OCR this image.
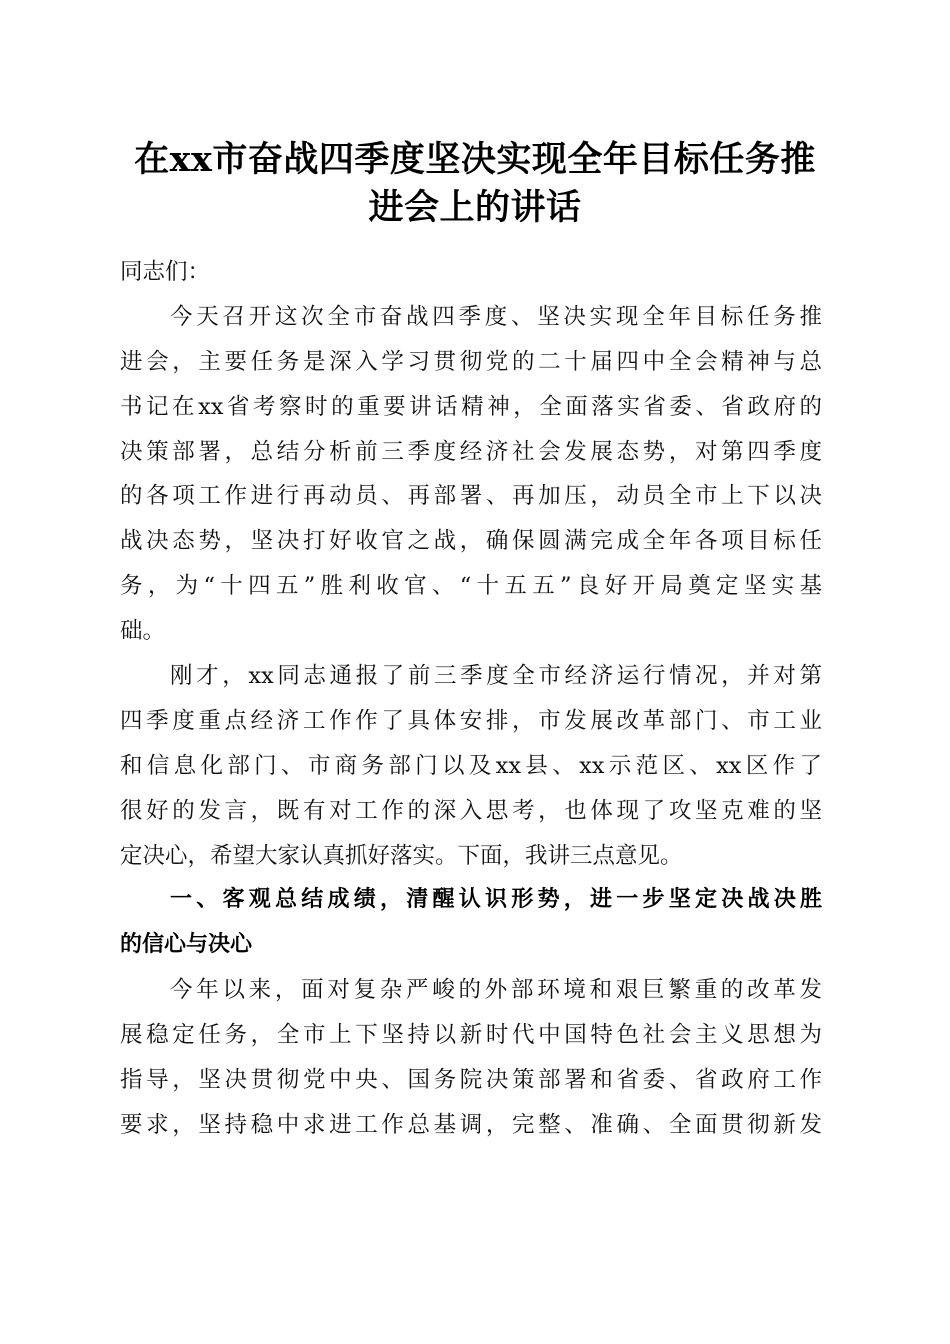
在xx市奋战四季度坚决实现全年目标任务推
进会上的讲话
同志们：
今天召开这次全市奋战四季度、坚决实现全年目标任务推
进会，主要任务是深入学习贯彻党的二十届四中全会精神与总
书记在xx省考察时的重要讲话精神，全面落实省委、省政府的
决策部署，总结分析前三季度经济社会发展态势，对第四季度
的各项工作进行再动员、再部署、再加压，动员全市上下以决
战决态势，坚决打好收官之战，确保圆满完成全年各项目标任
务，为“十四五”胜利收官、“十五五”良好开局奠定坚实基
础。
刚才，xx同志通报了前三季度全市经济运行情况，并对第
四季度重点经济工作作了具体安排，市发展改革部门、市工业
和信息化部门、市商务部门以及xx县、xx示范区、xx区作了
很好的发言，既有对工作的深入思考，也体现了攻坚克难的坚
定决心，希望大家认真抓好落实。下面，我讲三点意见。
一、客观总结成绩，清醒认识形势，进一步坚定决战决胜
的信心与决心
今年以来，面对复杂严峻的外部环境和艰巨繁重的改革发
展稳定任务，全市上下坚持以新时代中国特色社会主义思想为
指导，坚决贯彻党中央、国务院决策部署和省委、省政府工作
要求，坚持稳中求进工作总基调，完整、准确、全面贯彻新发
